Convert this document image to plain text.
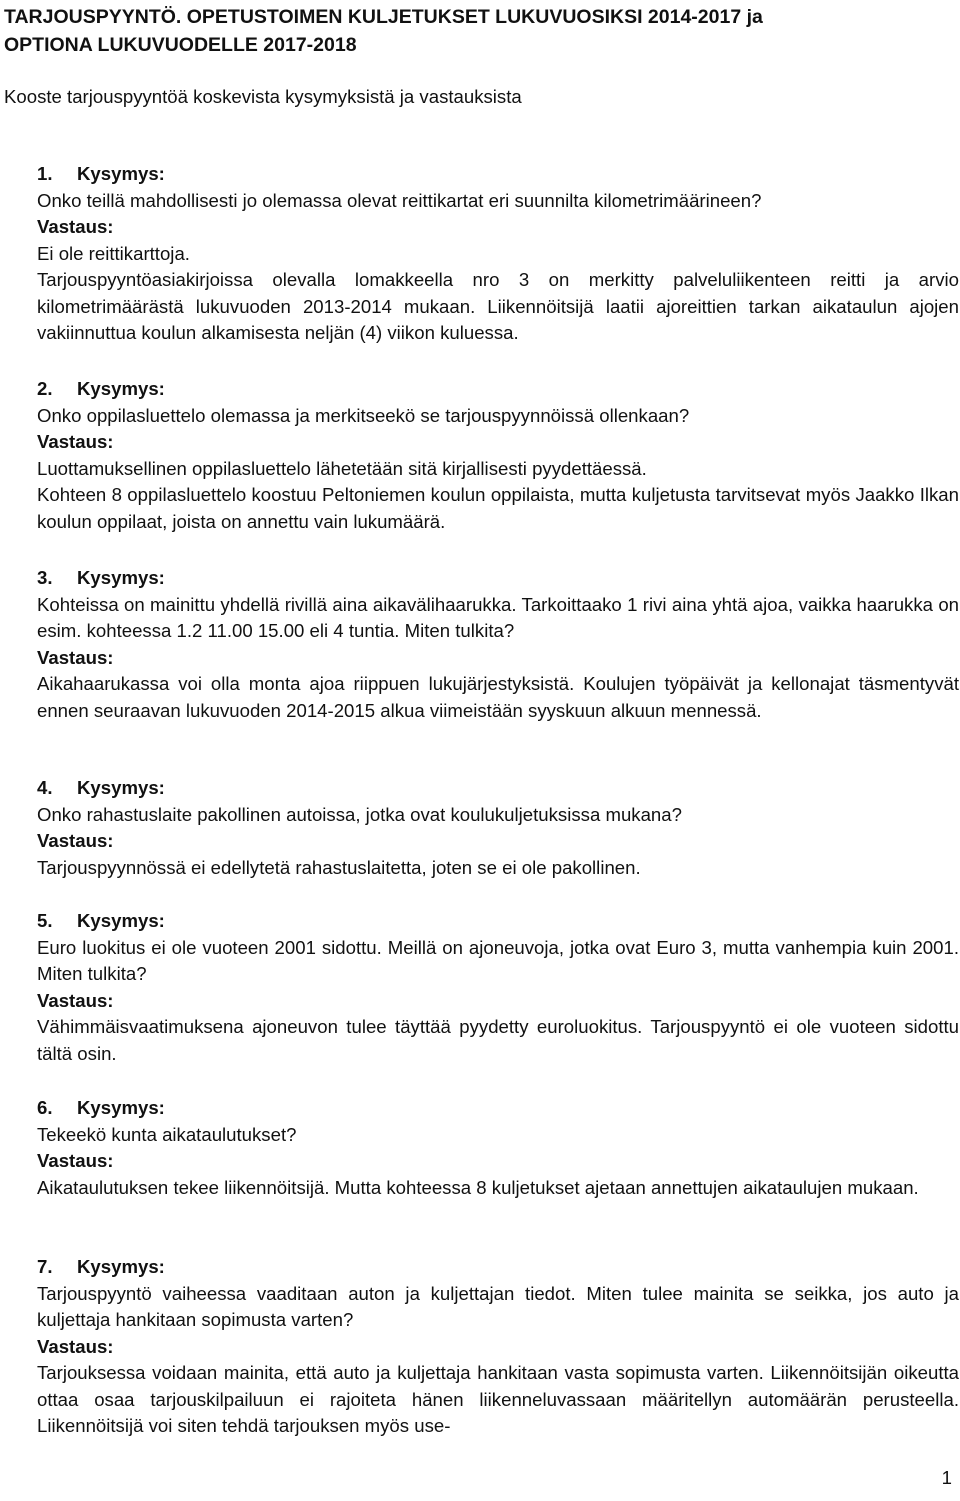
TARJOUSPYYNTÖ. OPETUSTOIMEN KULJETUKSET LUKUVUOSIKSI 2014-2017 ja
OPTIONA LUKUVUODELLE 2017-2018

Kooste tarjouspyyntöä koskevista kysymyksistä ja vastauksista

1. Kysymys:

Onko teillä mahdollisesti jo olemassa olevat reittikartat eri suunnilta kilometrimäärineen?

Vastaus:

Ei ole reittikarttoja.

Tarjouspyyntöasiakirjoissa olevalla lomakkeella nro 3 on merkitty palveluliikenteen reitti ja arvio kilometrimäärästä lukuvuoden 2013-2014 mukaan. Liikennöitsijä laatii ajoreittien tarkan aikataulun ajojen vakiinnuttua koulun alkamisesta neljän (4) viikon kuluessa.

2. Kysymys:

Onko oppilasluettelo olemassa ja merkitseekö se tarjouspyynnöissä ollenkaan?

Vastaus:

Luottamuksellinen oppilasluettelo lähetetään sitä kirjallisesti pyydettäessä.

Kohteen 8 oppilasluettelo koostuu Peltoniemen koulun oppilaista, mutta kuljetusta tarvitsevat myös Jaakko Ilkan koulun oppilaat, joista on annettu vain lukumäärä.

3. Kysymys:

Kohteissa on mainittu yhdellä rivillä aina aikavälihaarukka. Tarkoittaako 1 rivi aina yhtä ajoa, vaikka haarukka on esim. kohteessa 1.2 11.00 15.00 eli 4 tuntia. Miten tulkita?

Vastaus:

Aikahaarukassa voi olla monta ajoa riippuen lukujärjestyksistä. Koulujen työpäivät ja kellonajat täsmentyvät ennen seuraavan lukuvuoden 2014-2015 alkua viimeistään syyskuun alkuun mennessä.

4. Kysymys:

Onko rahastuslaite pakollinen autoissa, jotka ovat koulukuljetuksissa mukana?

Vastaus:

Tarjouspyynnössä ei edellytetä rahastuslaitetta, joten se ei ole pakollinen.

5. Kysymys:

Euro luokitus ei ole vuoteen 2001 sidottu. Meillä on ajoneuvoja, jotka ovat Euro 3, mutta vanhempia kuin 2001. Miten tulkita?

Vastaus:

Vähimmäisvaatimuksena ajoneuvon tulee täyttää pyydetty euroluokitus. Tarjouspyyntö ei ole vuoteen sidottu tältä osin.

6. Kysymys:

Tekeekö kunta aikataulutukset?

Vastaus:

Aikataulutuksen tekee liikennöitsijä. Mutta kohteessa 8 kuljetukset ajetaan annettujen aikataulujen mukaan.

7. Kysymys:

Tarjouspyyntö vaiheessa vaaditaan auton ja kuljettajan tiedot. Miten tulee mainita se seikka, jos auto ja kuljettaja hankitaan sopimusta varten?

Vastaus:

Tarjouksessa voidaan mainita, että auto ja kuljettaja hankitaan vasta sopimusta varten. Liikennöitsijän oikeutta ottaa osaa tarjouskilpailuun ei rajoiteta hänen liikenneluvassaan määritellyn automäärän perusteella. Liikennöitsijä voi siten tehdä tarjouksen myös use-

1
